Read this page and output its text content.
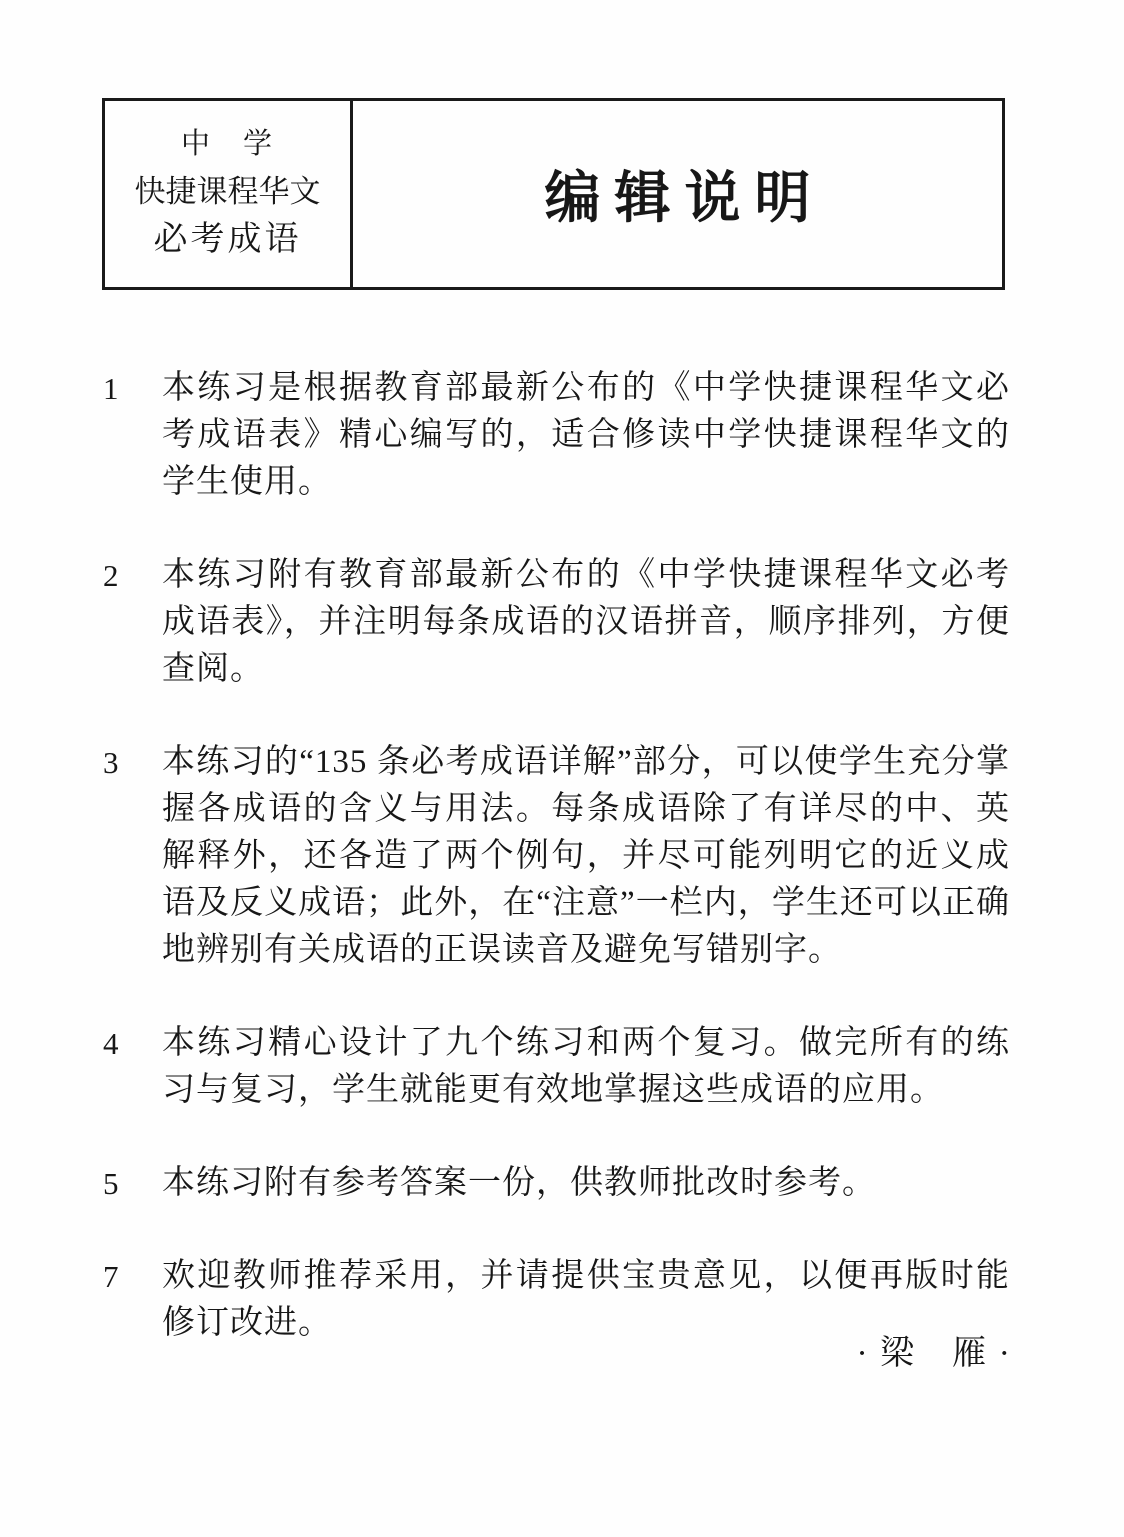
中　学
快捷课程华文
必考成语
编辑说明
1	本练习是根据教育部最新公布的《中学快捷课程华文必考成语表》精心编写的，适合修读中学快捷课程华文的学生使用。

2	本练习附有教育部最新公布的《中学快捷课程华文必考成语表》，并注明每条成语的汉语拼音，顺序排列，方便查阅。

3	本练习的“135 条必考成语详解”部分，可以使学生充分掌握各成语的含义与用法。每条成语除了有详尽的中、英解释外，还各造了两个例句，并尽可能列明它的近义成语及反义成语；此外，在“注意”一栏内，学生还可以正确地辨别有关成语的正误读音及避免写错别字。

4	本练习精心设计了九个练习和两个复习。做完所有的练习与复习，学生就能更有效地掌握这些成语的应用。

5	本练习附有参考答案一份，供教师批改时参考。

7	欢迎教师推荐采用，并请提供宝贵意见，以便再版时能修订改进。

· 梁　雁 ·
